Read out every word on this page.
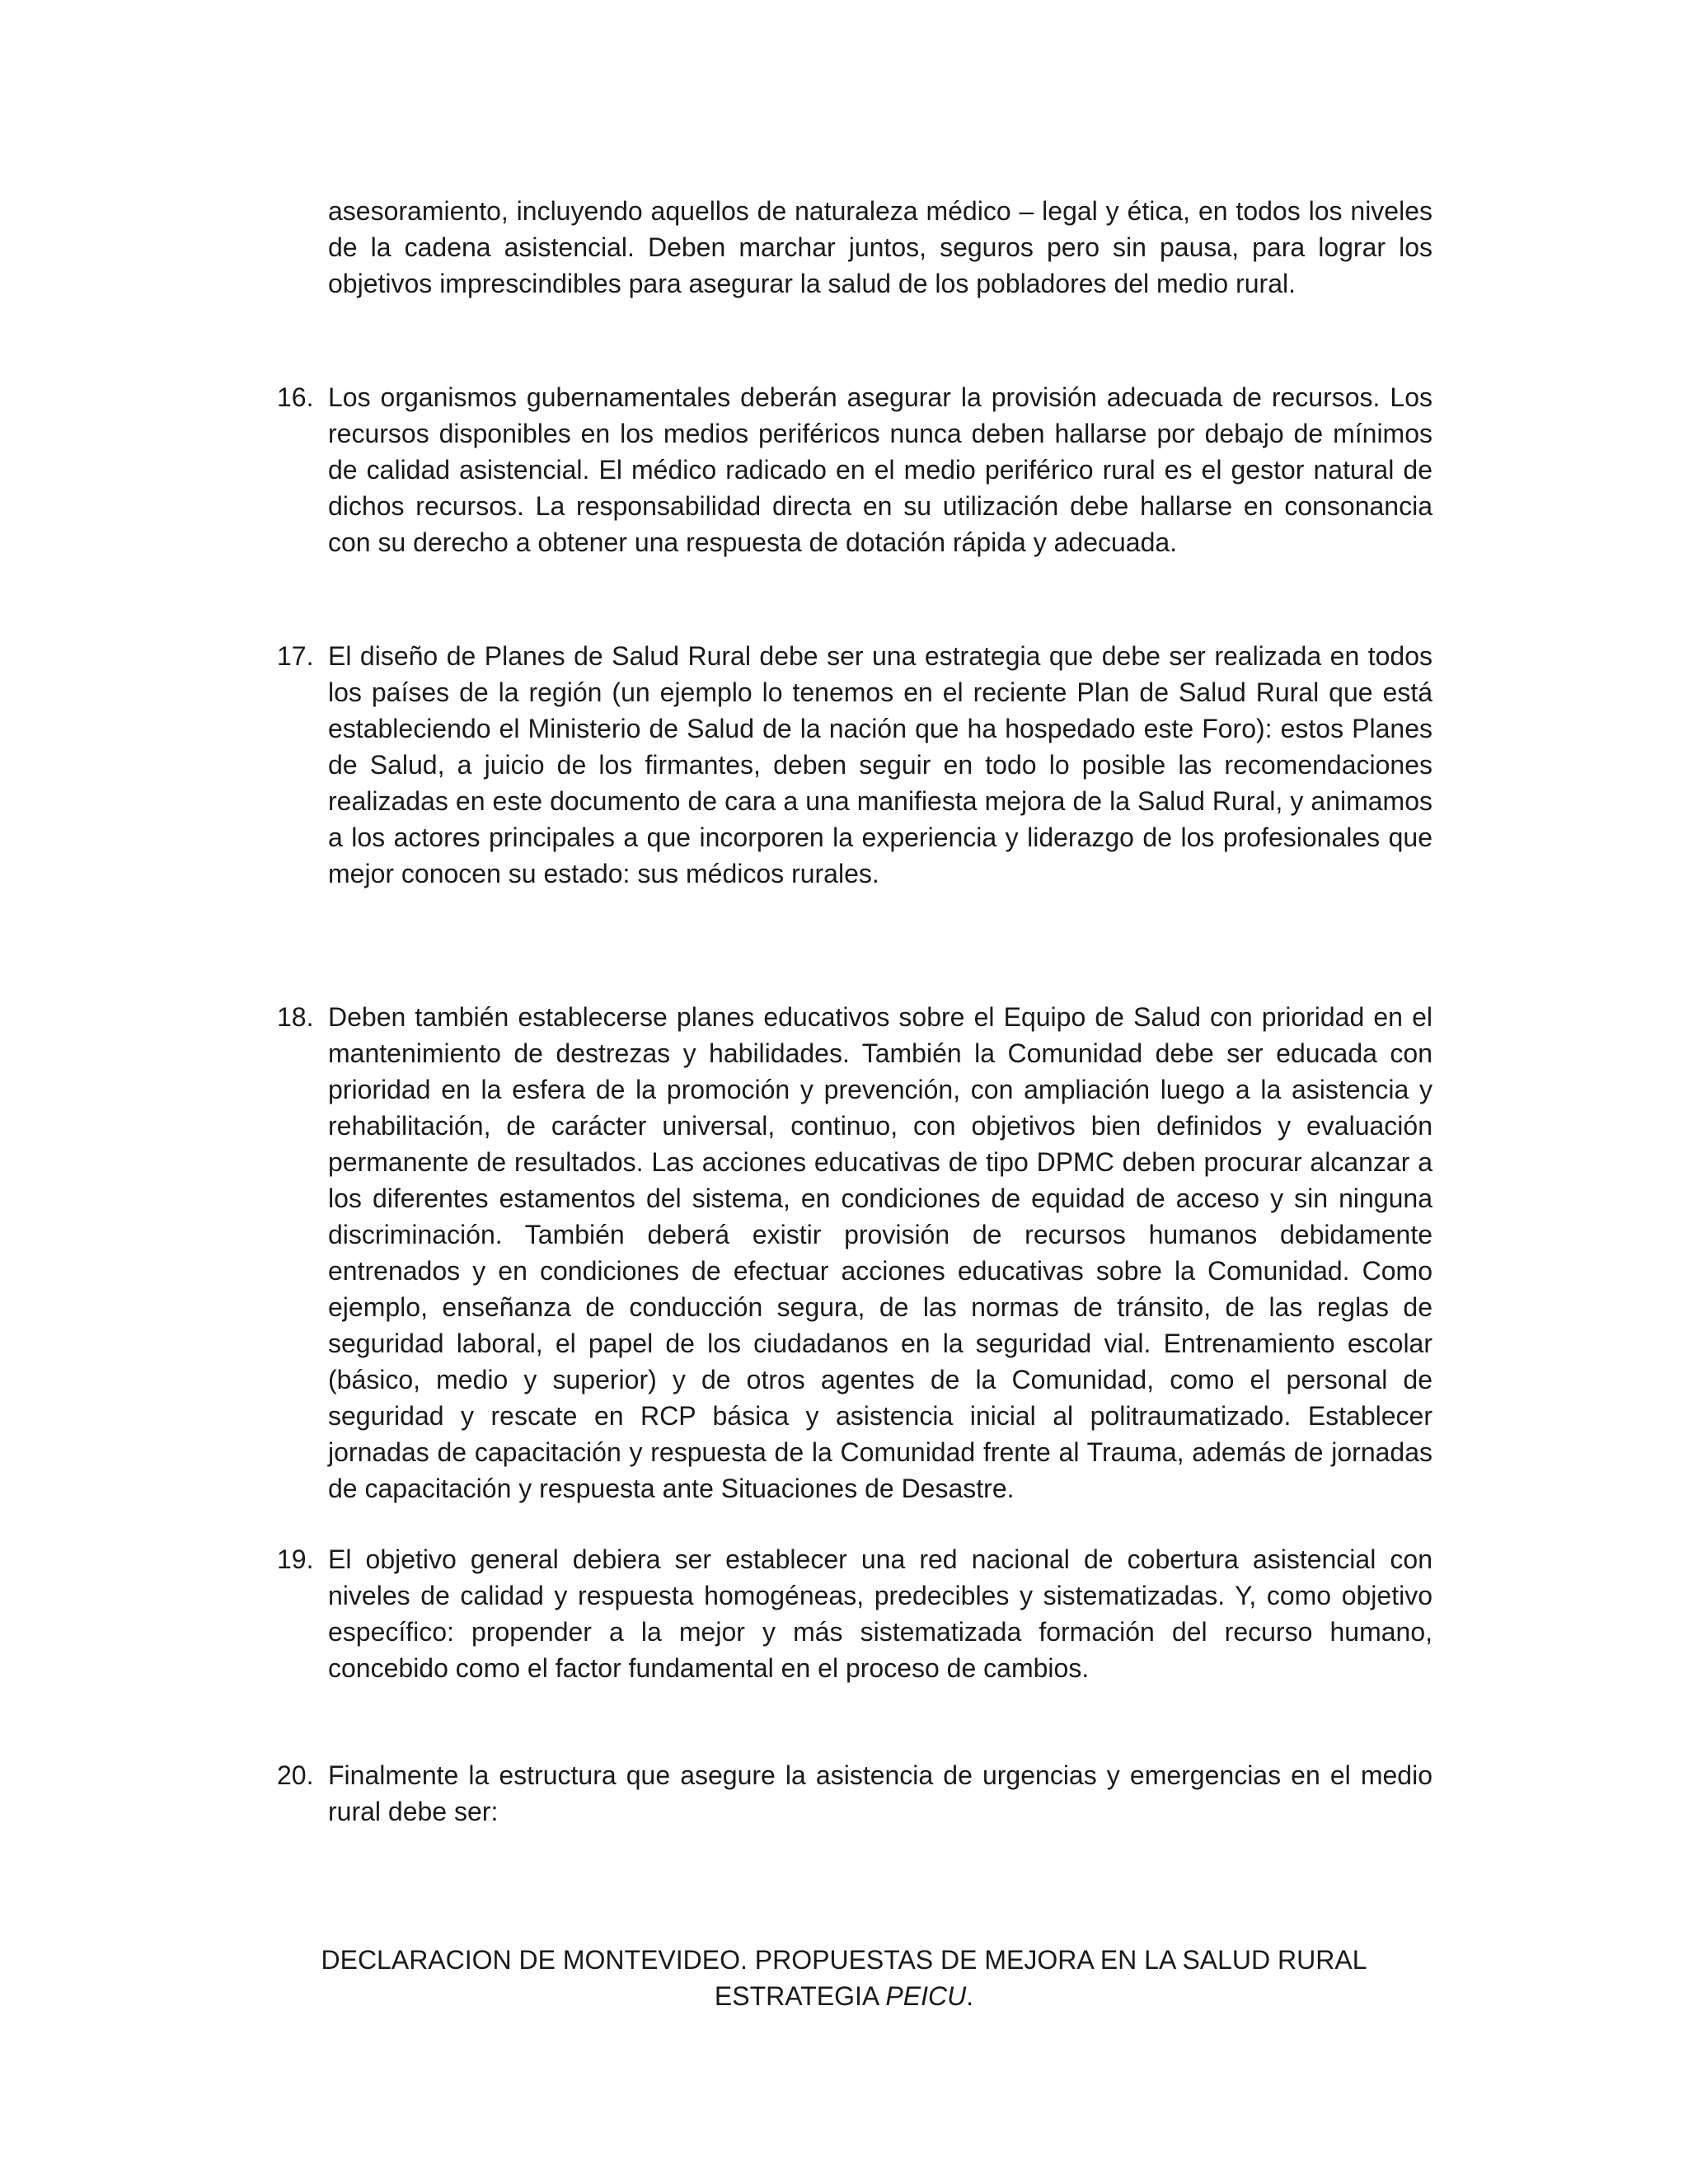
asesoramiento, incluyendo aquellos de naturaleza médico – legal y ética, en todos los niveles de la cadena asistencial. Deben marchar juntos, seguros pero sin pausa, para lograr los objetivos imprescindibles para asegurar la salud de los pobladores del medio rural.

16. Los organismos gubernamentales deberán asegurar la provisión adecuada de recursos. Los recursos disponibles en los medios periféricos nunca deben hallarse por debajo de mínimos de calidad asistencial. El médico radicado en el medio periférico rural es el gestor natural de dichos recursos. La responsabilidad directa en su utilización debe hallarse en consonancia con su derecho a obtener una respuesta de dotación rápida y adecuada.
17. El diseño de Planes de Salud Rural debe ser una estrategia que debe ser realizada en todos los países de la región (un ejemplo lo tenemos en el reciente Plan de Salud Rural que está estableciendo el Ministerio de Salud de la nación que ha hospedado este Foro): estos Planes de Salud, a juicio de los firmantes, deben seguir en todo lo posible las recomendaciones realizadas en este documento de cara a una manifiesta mejora de la Salud Rural, y animamos a los actores principales a que incorporen la experiencia y liderazgo de los profesionales que mejor conocen su estado: sus médicos rurales.
18. Deben también establecerse planes educativos sobre el Equipo de Salud con prioridad en el mantenimiento de destrezas y habilidades. También la Comunidad debe ser educada con prioridad en la esfera de la promoción y prevención, con ampliación luego a la asistencia y rehabilitación, de carácter universal, continuo, con objetivos bien definidos y evaluación permanente de resultados. Las acciones educativas de tipo DPMC deben procurar alcanzar a los diferentes estamentos del sistema, en condiciones de equidad de acceso y sin ninguna discriminación. También deberá existir provisión de recursos humanos debidamente entrenados y en condiciones de efectuar acciones educativas sobre la Comunidad. Como ejemplo, enseñanza de conducción segura, de las normas de tránsito, de las reglas de seguridad laboral, el papel de los ciudadanos en la seguridad vial. Entrenamiento escolar (básico, medio y superior) y de otros agentes de la Comunidad, como el personal de seguridad y rescate en RCP básica y asistencia inicial al politraumatizado. Establecer jornadas de capacitación y respuesta de la Comunidad frente al Trauma, además de jornadas de capacitación y respuesta ante Situaciones de Desastre.
19. El objetivo general debiera ser establecer una red nacional de cobertura asistencial con niveles de calidad y respuesta homogéneas, predecibles y sistematizadas. Y, como objetivo específico: propender a la mejor y más sistematizada formación del recurso humano, concebido como el factor fundamental en el proceso de cambios.
20. Finalmente la estructura que asegure la asistencia de urgencias y emergencias en el medio rural debe ser:
DECLARACION DE MONTEVIDEO. PROPUESTAS DE MEJORA EN LA SALUD RURAL
ESTRATEGIA PEICU.
